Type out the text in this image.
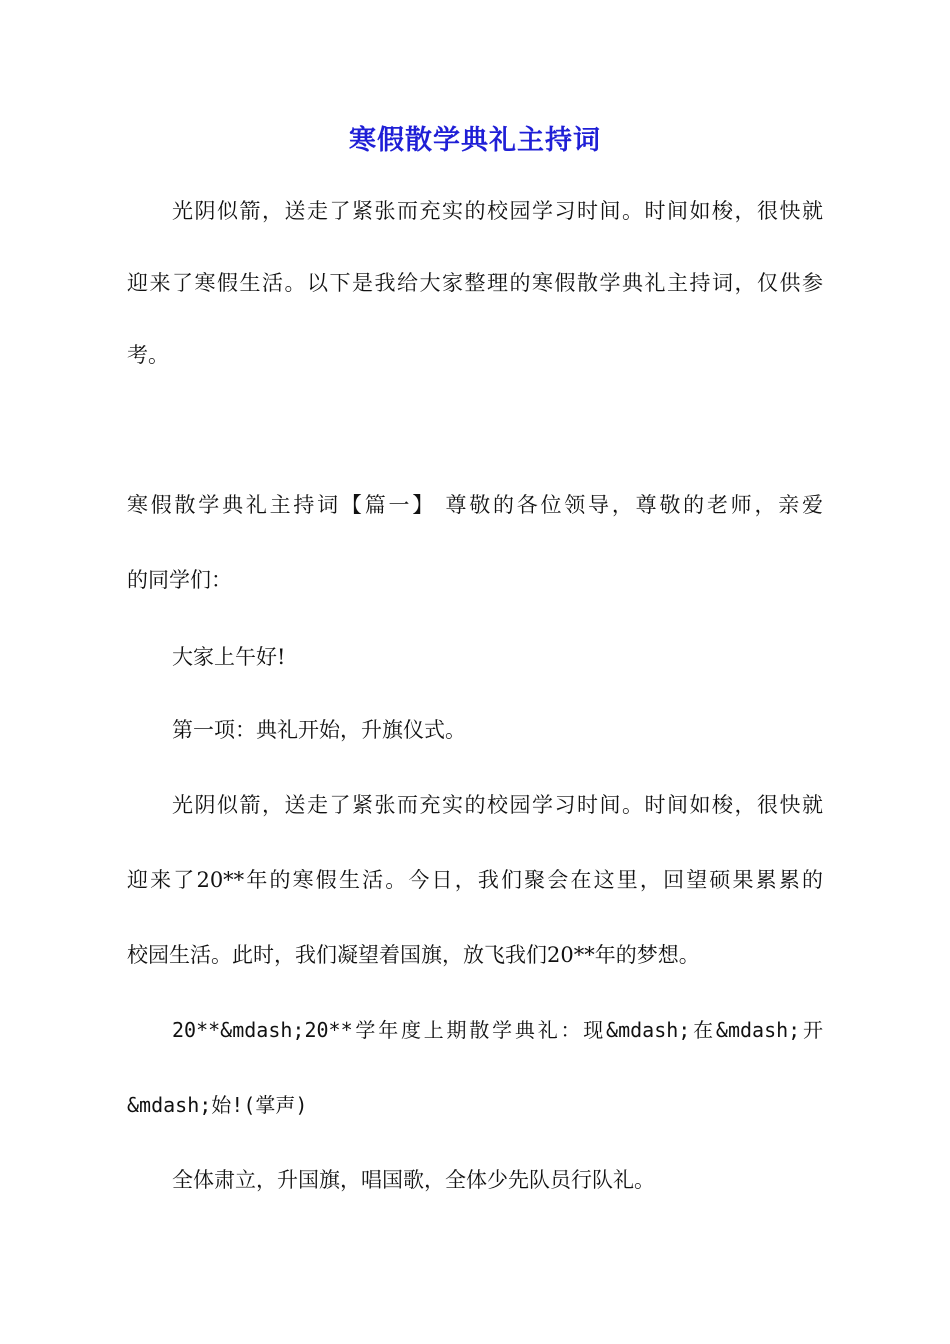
寒假散学典礼主持词
光阴似箭，送走了紧张而充实的校园学习时间。时间如梭，很快就
迎来了寒假生活。以下是我给大家整理的寒假散学典礼主持词，仅供参
考。
寒假散学典礼主持词【篇一】 尊敬的各位领导，尊敬的老师，亲爱
的同学们：
大家上午好!
第一项：典礼开始，升旗仪式。
光阴似箭，送走了紧张而充实的校园学习时间。时间如梭，很快就
迎来了20**年的寒假生活。今日，我们聚会在这里，回望硕果累累的
校园生活。此时，我们凝望着国旗，放飞我们20**年的梦想。
20**&mdash;20**学年度上期散学典礼：现&mdash;在&mdash;开
&mdash;始!(掌声)
全体肃立，升国旗，唱国歌，全体少先队员行队礼。
